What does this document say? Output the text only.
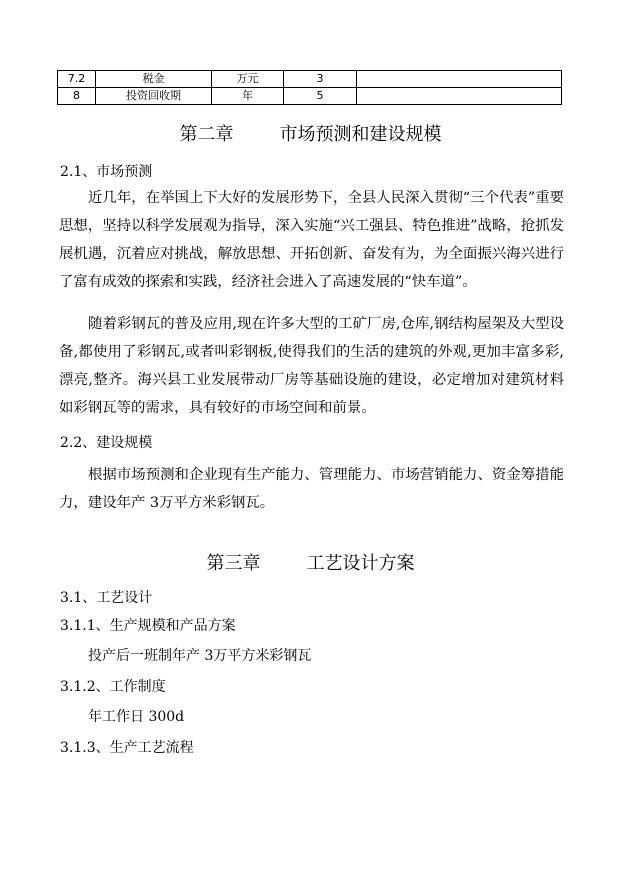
7.2	税金	万元	3	
8	投资回收期	年	5	
第二章	市场预测和建设规模
2.1、市场预测

近几年，在举国上下大好的发展形势下，全县人民深入贯彻“三个代表”重要思想，坚持以科学发展观为指导，深入实施“兴工强县、特色推进”战略，抢抓发展机遇，沉着应对挑战，解放思想、开拓创新、奋发有为，为全面振兴海兴进行了富有成效的探索和实践，经济社会进入了高速发展的“快车道”。

随着彩钢瓦的普及应用,现在许多大型的工矿厂房,仓库,钢结构屋架及大型设备,都使用了彩钢瓦,或者叫彩钢板,使得我们的生活的建筑的外观,更加丰富多彩,漂亮,整齐。海兴县工业发展带动厂房等基础设施的建设，必定增加对建筑材料如彩钢瓦等的需求，具有较好的市场空间和前景。

2.2、建设规模

根据市场预测和企业现有生产能力、管理能力、市场营销能力、资金筹措能力，建设年产 3万平方米彩钢瓦。

第三章	工艺设计方案
3.1、工艺设计
3.1.1、生产规模和产品方案
投产后一班制年产 3万平方米彩钢瓦
3.1.2、工作制度
年工作日 300d
3.1.3、生产工艺流程
